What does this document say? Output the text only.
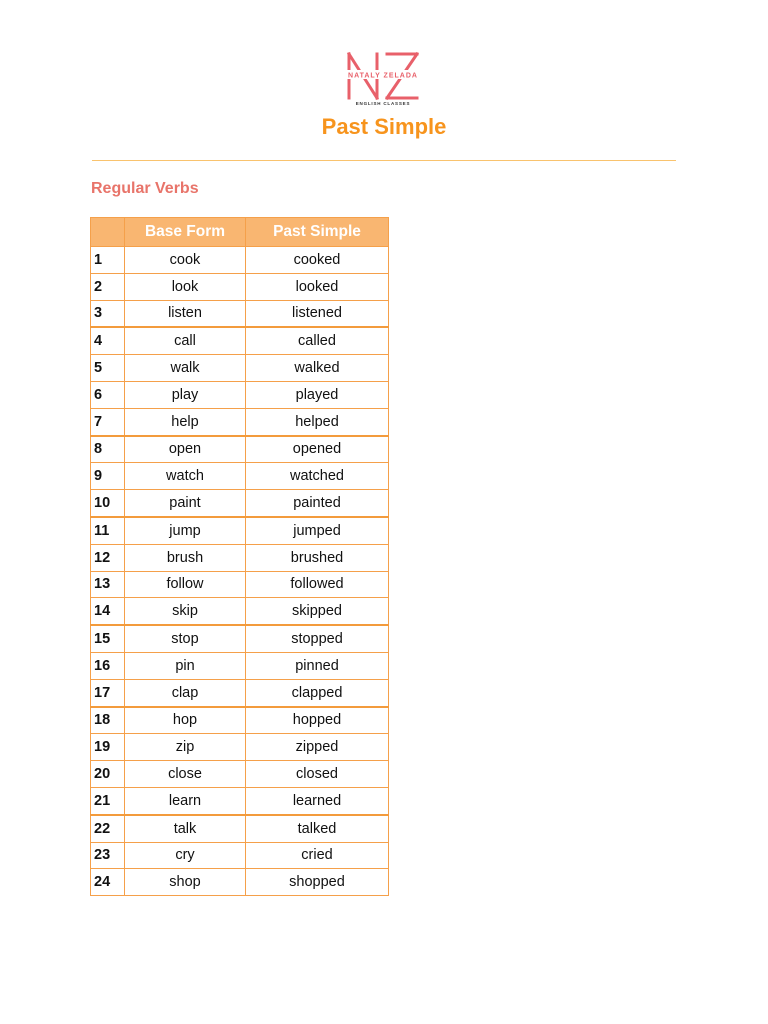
NATALY ZELADA
ENGLISH CLASSES
Past Simple
Regular Verbs
	Base Form	Past Simple
1	cook	cooked
2	look	looked
3	listen	listened
4	call	called
5	walk	walked
6	play	played
7	help	helped
8	open	opened
9	watch	watched
10	paint	painted
11	jump	jumped
12	brush	brushed
13	follow	followed
14	skip	skipped
15	stop	stopped
16	pin	pinned
17	clap	clapped
18	hop	hopped
19	zip	zipped
20	close	closed
21	learn	learned
22	talk	talked
23	cry	cried
24	shop	shopped
